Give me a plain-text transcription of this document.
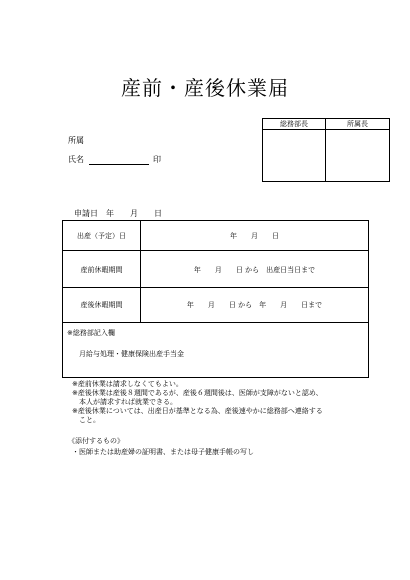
産前・産後休業届
総務部長	所属長
所属
氏名	印
申請日　年　　月　　日
出産（予定）日	年　　月　　日
産前休暇期間	年　　月　　日 から　出産日当日まで
産後休暇期間	年　　月　　日 から　年　　月　　日まで
※総務部記入欄
月給与処理・健康保険出産手当金
※産前休業は請求しなくてもよい。
※産後休業は産後８週間であるが、産後６週間後は、医師が支障がないと認め、
　本人が請求すれば就業できる。
※産後休業については、出産日が基準となる為、産後速やかに総務部へ連絡する
　こと。
《添付するもの》
・医師または助産婦の証明書、または母子健康手帳の写し
